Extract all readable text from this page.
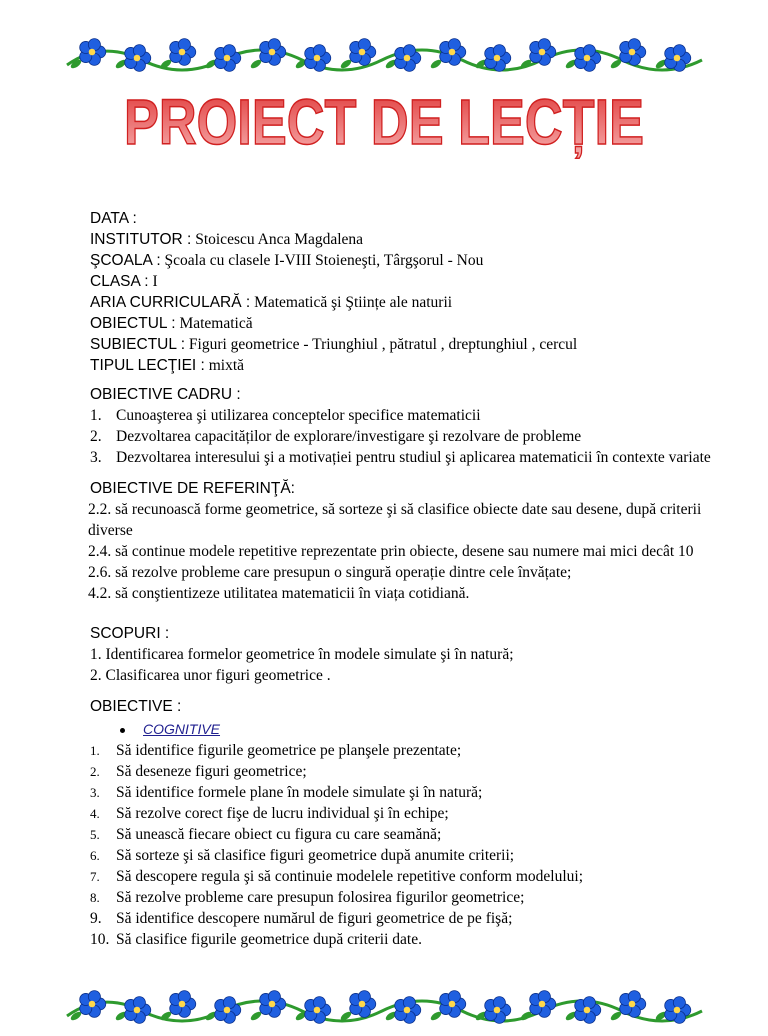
PROIECT DE LECȚIE
DATA :
INSTITUTOR : Stoicescu Anca Magdalena
ŞCOALA : Şcoala cu clasele I-VIII Stoieneşti, Târgşorul - Nou
CLASA : I
ARIA CURRICULARĂ : Matematică şi Ştiințe ale naturii
OBIECTUL : Matematică
SUBIECTUL : Figuri geometrice - Triunghiul , pătratul , dreptunghiul , cercul
TIPUL LECŢIEI : mixtă
OBIECTIVE CADRU :
1. Cunoaşterea şi utilizarea conceptelor specifice matematicii
2. Dezvoltarea capacităților de explorare/investigare şi rezolvare de probleme
3. Dezvoltarea interesului şi a motivației pentru studiul şi aplicarea matematicii în contexte variate
OBIECTIVE DE REFERINŢĂ:
2.2. să recunoască forme geometrice, să sorteze şi să clasifice obiecte date sau desene, după criterii diverse
2.4. să continue modele repetitive reprezentate prin obiecte, desene sau numere mai mici decât 10
2.6. să rezolve probleme care presupun o singură operație dintre cele învățate;
4.2. să conştientizeze utilitatea matematicii în viața cotidiană.
SCOPURI :
1. Identificarea formelor geometrice în modele simulate şi în natură;
2. Clasificarea unor figuri geometrice .
OBIECTIVE :
COGNITIVE
1. Să identifice figurile geometrice pe planşele prezentate;
2. Să deseneze figuri geometrice;
3. Să identifice formele plane în modele simulate şi în natură;
4. Să rezolve corect fişe de lucru individual şi în echipe;
5. Să unească fiecare obiect cu figura cu care seamănă;
6. Să sorteze şi să clasifice figuri geometrice după anumite criterii;
7. Să descopere regula şi să continuie modelele repetitive conform modelului;
8. Să rezolve probleme care presupun folosirea figurilor geometrice;
9. Să identifice descopere numărul de figuri geometrice de pe fişă;
10. Să clasifice figurile geometrice după criterii date.
